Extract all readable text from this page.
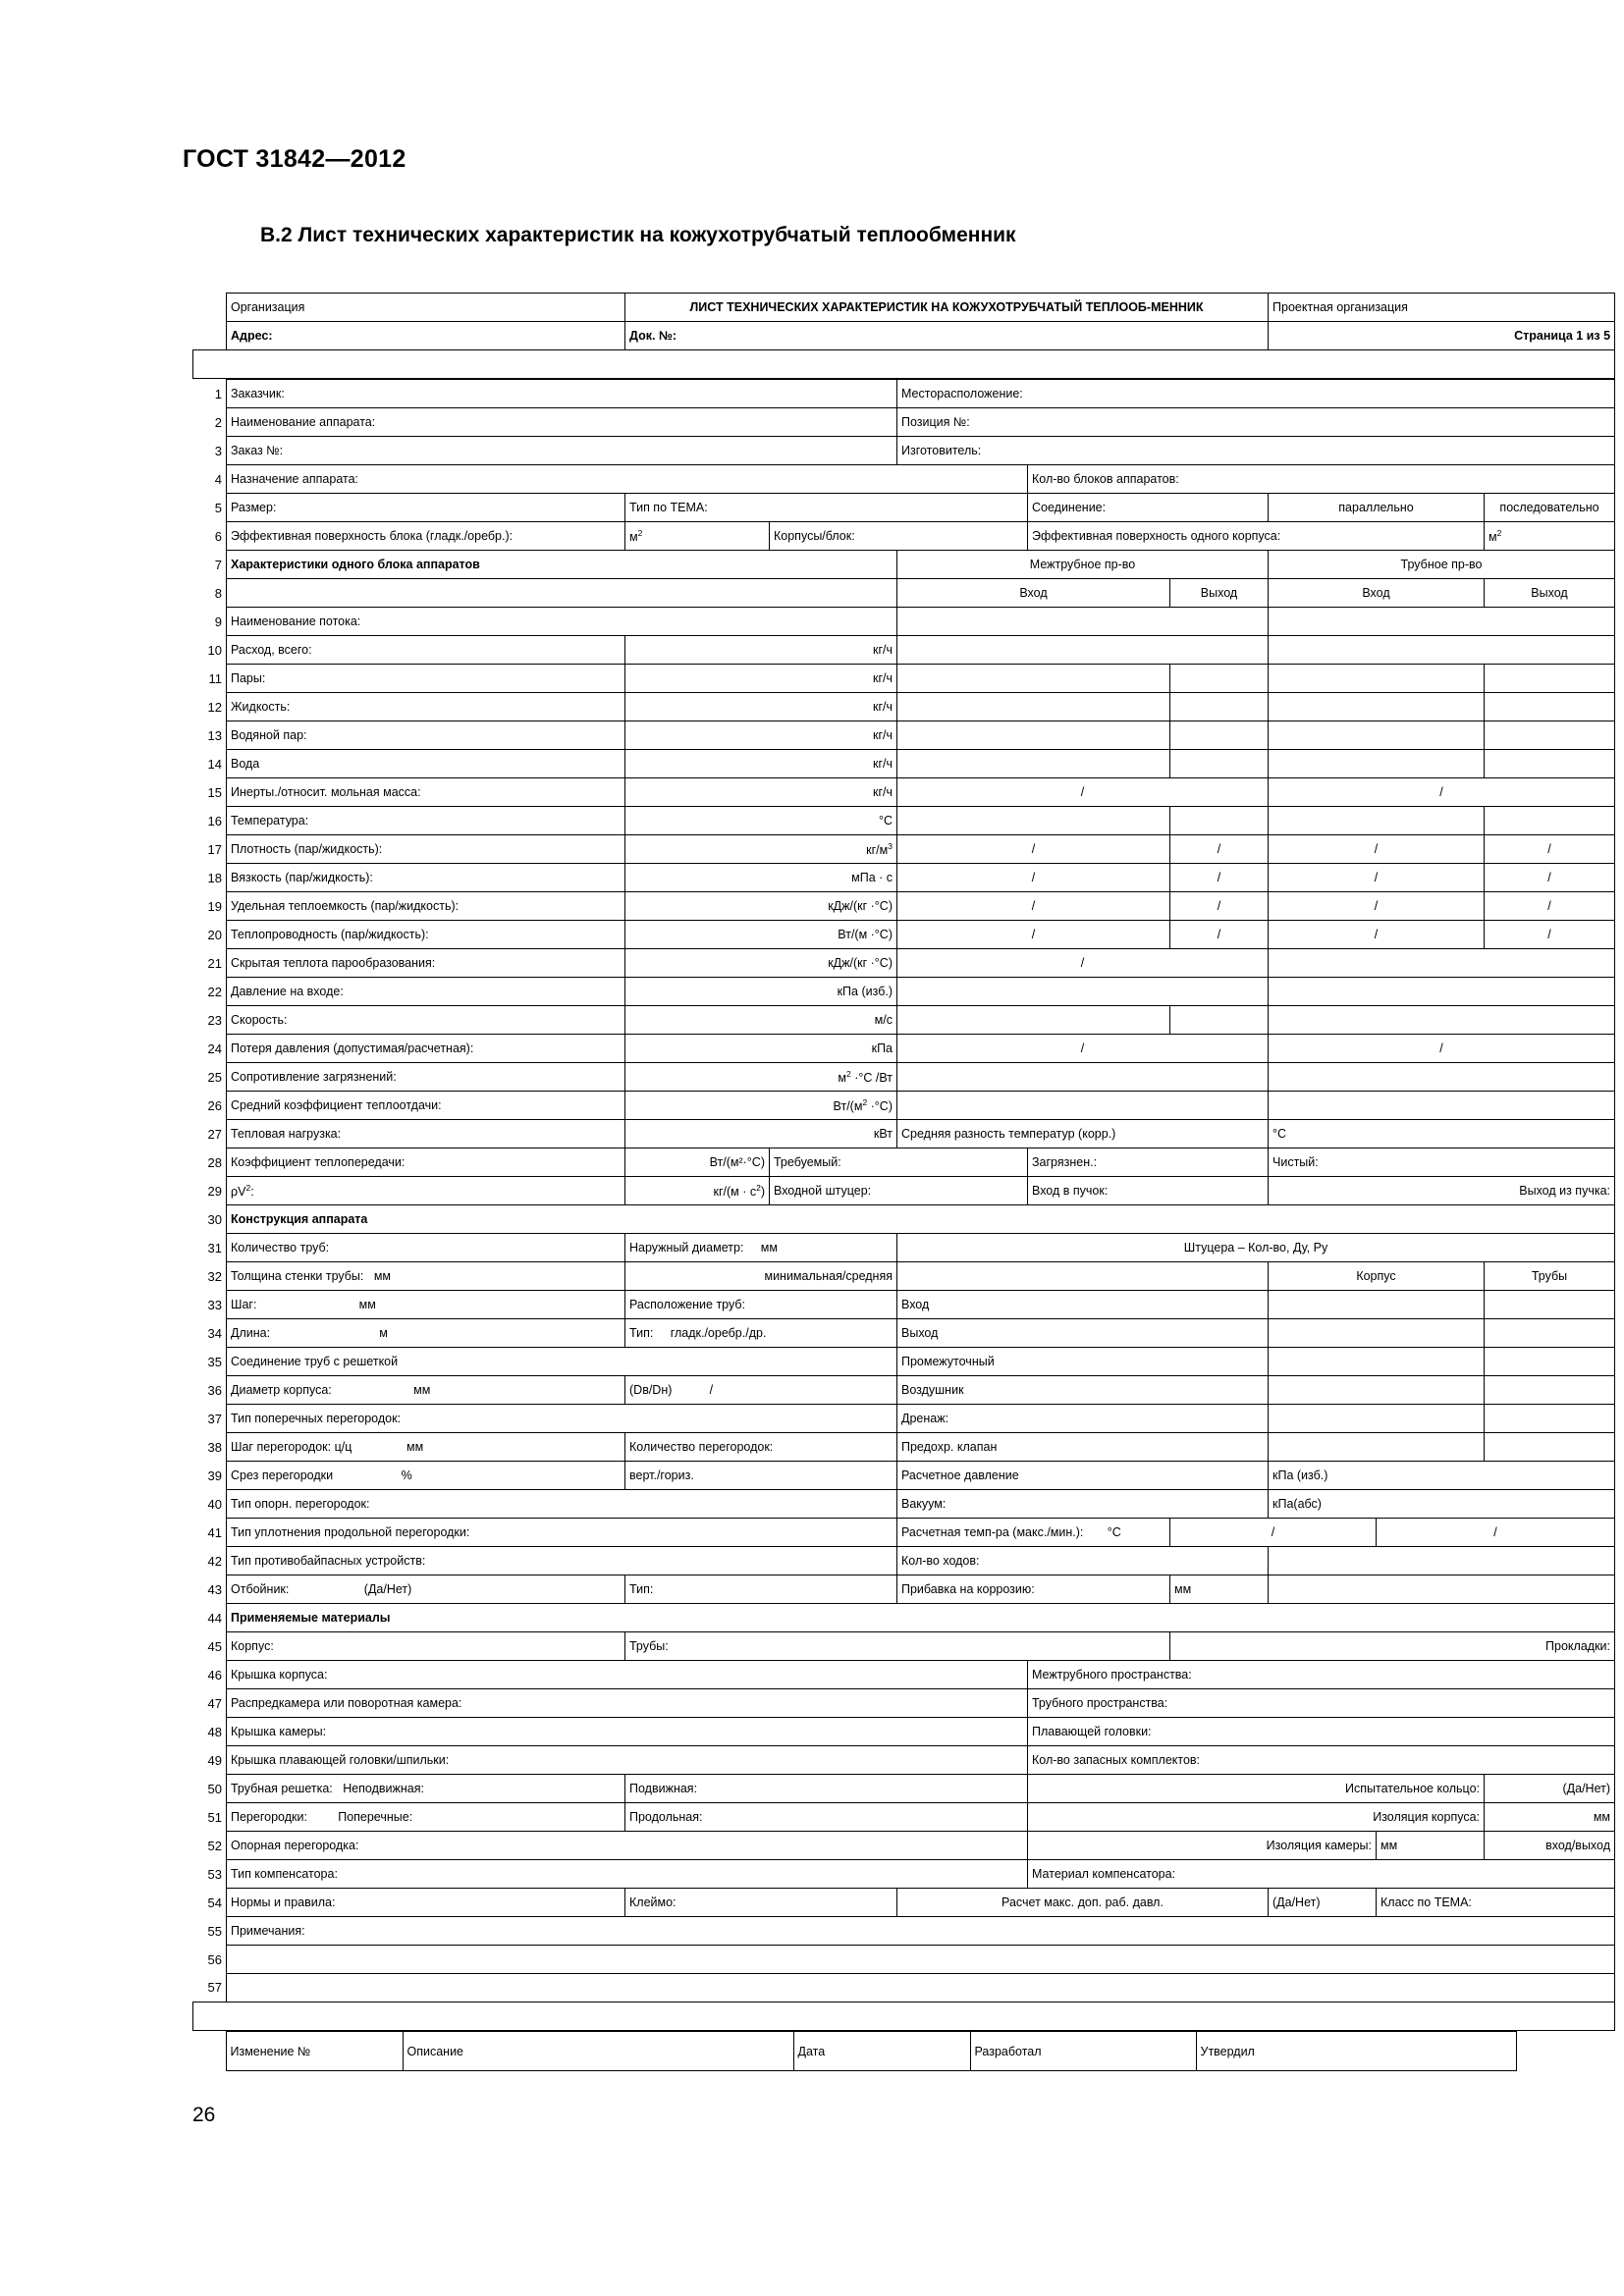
ГОСТ 31842—2012
В.2 Лист технических характеристик на кожухотрубчатый теплообменник
	Организация	ЛИСТ ТЕХНИЧЕСКИХ ХАРАКТЕРИСТИК НА КОЖУХОТРУБЧАТЫЙ ТЕПЛООБ-МЕННИК	Проектная организация
	Адрес:	Док. №:	Страница 1 из 5

1	Заказчик:			Месторасположение:					
2	Наименование аппарата:			Позиция №:					
3	Заказ №:			Изготовитель:					
4	Назначение аппарата:				Кол-во блоков аппаратов:				
5	Размер:	Тип по ТЕМА:			Соединение:		параллельно		последовательно
6	Эффективная поверхность блока (гладк./оребр.):	$м^2$	Корпусы/блок:		Эффективная поверхность одного корпуса:				$м^2$
7	Характеристики одного блока аппаратов			Межтрубное пр-во			Трубное пр-во		
8				Вход		Выход	Вход		Выход
9	Наименование потока:								
10	Расход, всего:	кг/ч							
11	Пары:	кг/ч							
12	Жидкость:	кг/ч							
13	Водяной пар:	кг/ч							
14	Вода	кг/ч							
15	Инерты./относит. мольная масса:	кг/ч		/			/		
16	Температура:	°С							
17	Плотность (пар/жидкость):	$кг/м^3$		/		/	/		/
18	Вязкость (пар/жидкость):	мПа · с		/		/	/		/
19	Удельная теплоемкость (пар/жидкость):	кДж/(кг ·°С)		/		/	/		/
20	Теплопроводность (пар/жидкость):	Вт/(м ·°С)		/		/	/		/
21	Скрытая теплота парообразования:	кДж/(кг ·°С)		/					
22	Давление на входе:	кПа (изб.)							
23	Скорость:	м/с							
24	Потеря давления (допустимая/расчетная):	кПа		/			/		
25	Сопротивление загрязнений:	$м^2 \cdot^\circ С$ /Вт							
26	Средний коэффициент теплоотдачи:	$Вт/(м^2 \cdot^\circ С)$							
27	Тепловая нагрузка:	кВт		Средняя разность температур (корр.)			°С		
28	Коэффициент теплопередачи:	Вт/(м²·°С)	Требуемый:		Загрязнен.:		Чистый:		
29	$\rho V^2$:	$кг/(м \cdot с^2)$	Входной штуцер:		Вход в пучок:		Выход из пучка:		
30	Конструкция аппарата								
31	Количество труб:	Наружный диаметр: мм		Штуцера – Кол-во, Ду, Ру					
32	Толщина стенки трубы: мм	минимальная/средняя					Корпус		Трубы
33	Шаг: мм	Расположение труб:		Вход					
34	Длина: м	Тип: гладк./оребр./др.		Выход					
35	Соединение труб с решеткой			Промежуточный					
36	Диаметр корпуса: мм	(Dв/Dн) /		Воздушник					
37	Тип поперечных перегородок:			Дренаж:					
38	Шаг перегородок: ц/ц мм	Количество перегородок:		Предохр. клапан					
39	Срез перегородки %	верт./гориз.		Расчетное давление			кПа (изб.)		
40	Тип опорн. перегородок:			Вакуум:			кПа(абс)		
41	Тип уплотнения продольной перегородки:			Расчетная темп-ра (макс./мин.): °С		/		/	
42	Тип противобайпасных устройств:			Кол-во ходов:					
43	Отбойник: (Да/Нет)	Тип:		Прибавка на коррозию:		мм			
44	Применяемые материалы								
45	Корпус:	Трубы:				Прокладки:			
46	Крышка корпуса:				Межтрубного пространства:				
47	Распредкамера или поворотная камера:				Трубного пространства:				
48	Крышка камеры:				Плавающей головки:				
49	Крышка плавающей головки/шпильки:				Кол-во запасных комплектов:				
50	Трубная решетка: Неподвижная:	Подвижная:			Испытательное кольцо:				(Да/Нет)
51	Перегородки: Поперечные:	Продольная:			Изоляция корпуса:				мм
52	Опорная перегородка:				Изоляция камеры:			мм	вход/выход
53	Тип компенсатора:				Материал компенсатора:				
54	Нормы и правила:	Клеймо:		Расчет макс. доп. раб. давл.			(Да/Нет)	Класс по ТЕМА:	
55	Примечания:								
56									
57									

	Изменение №	Описание	Дата	Разработал	Утвердил
26
